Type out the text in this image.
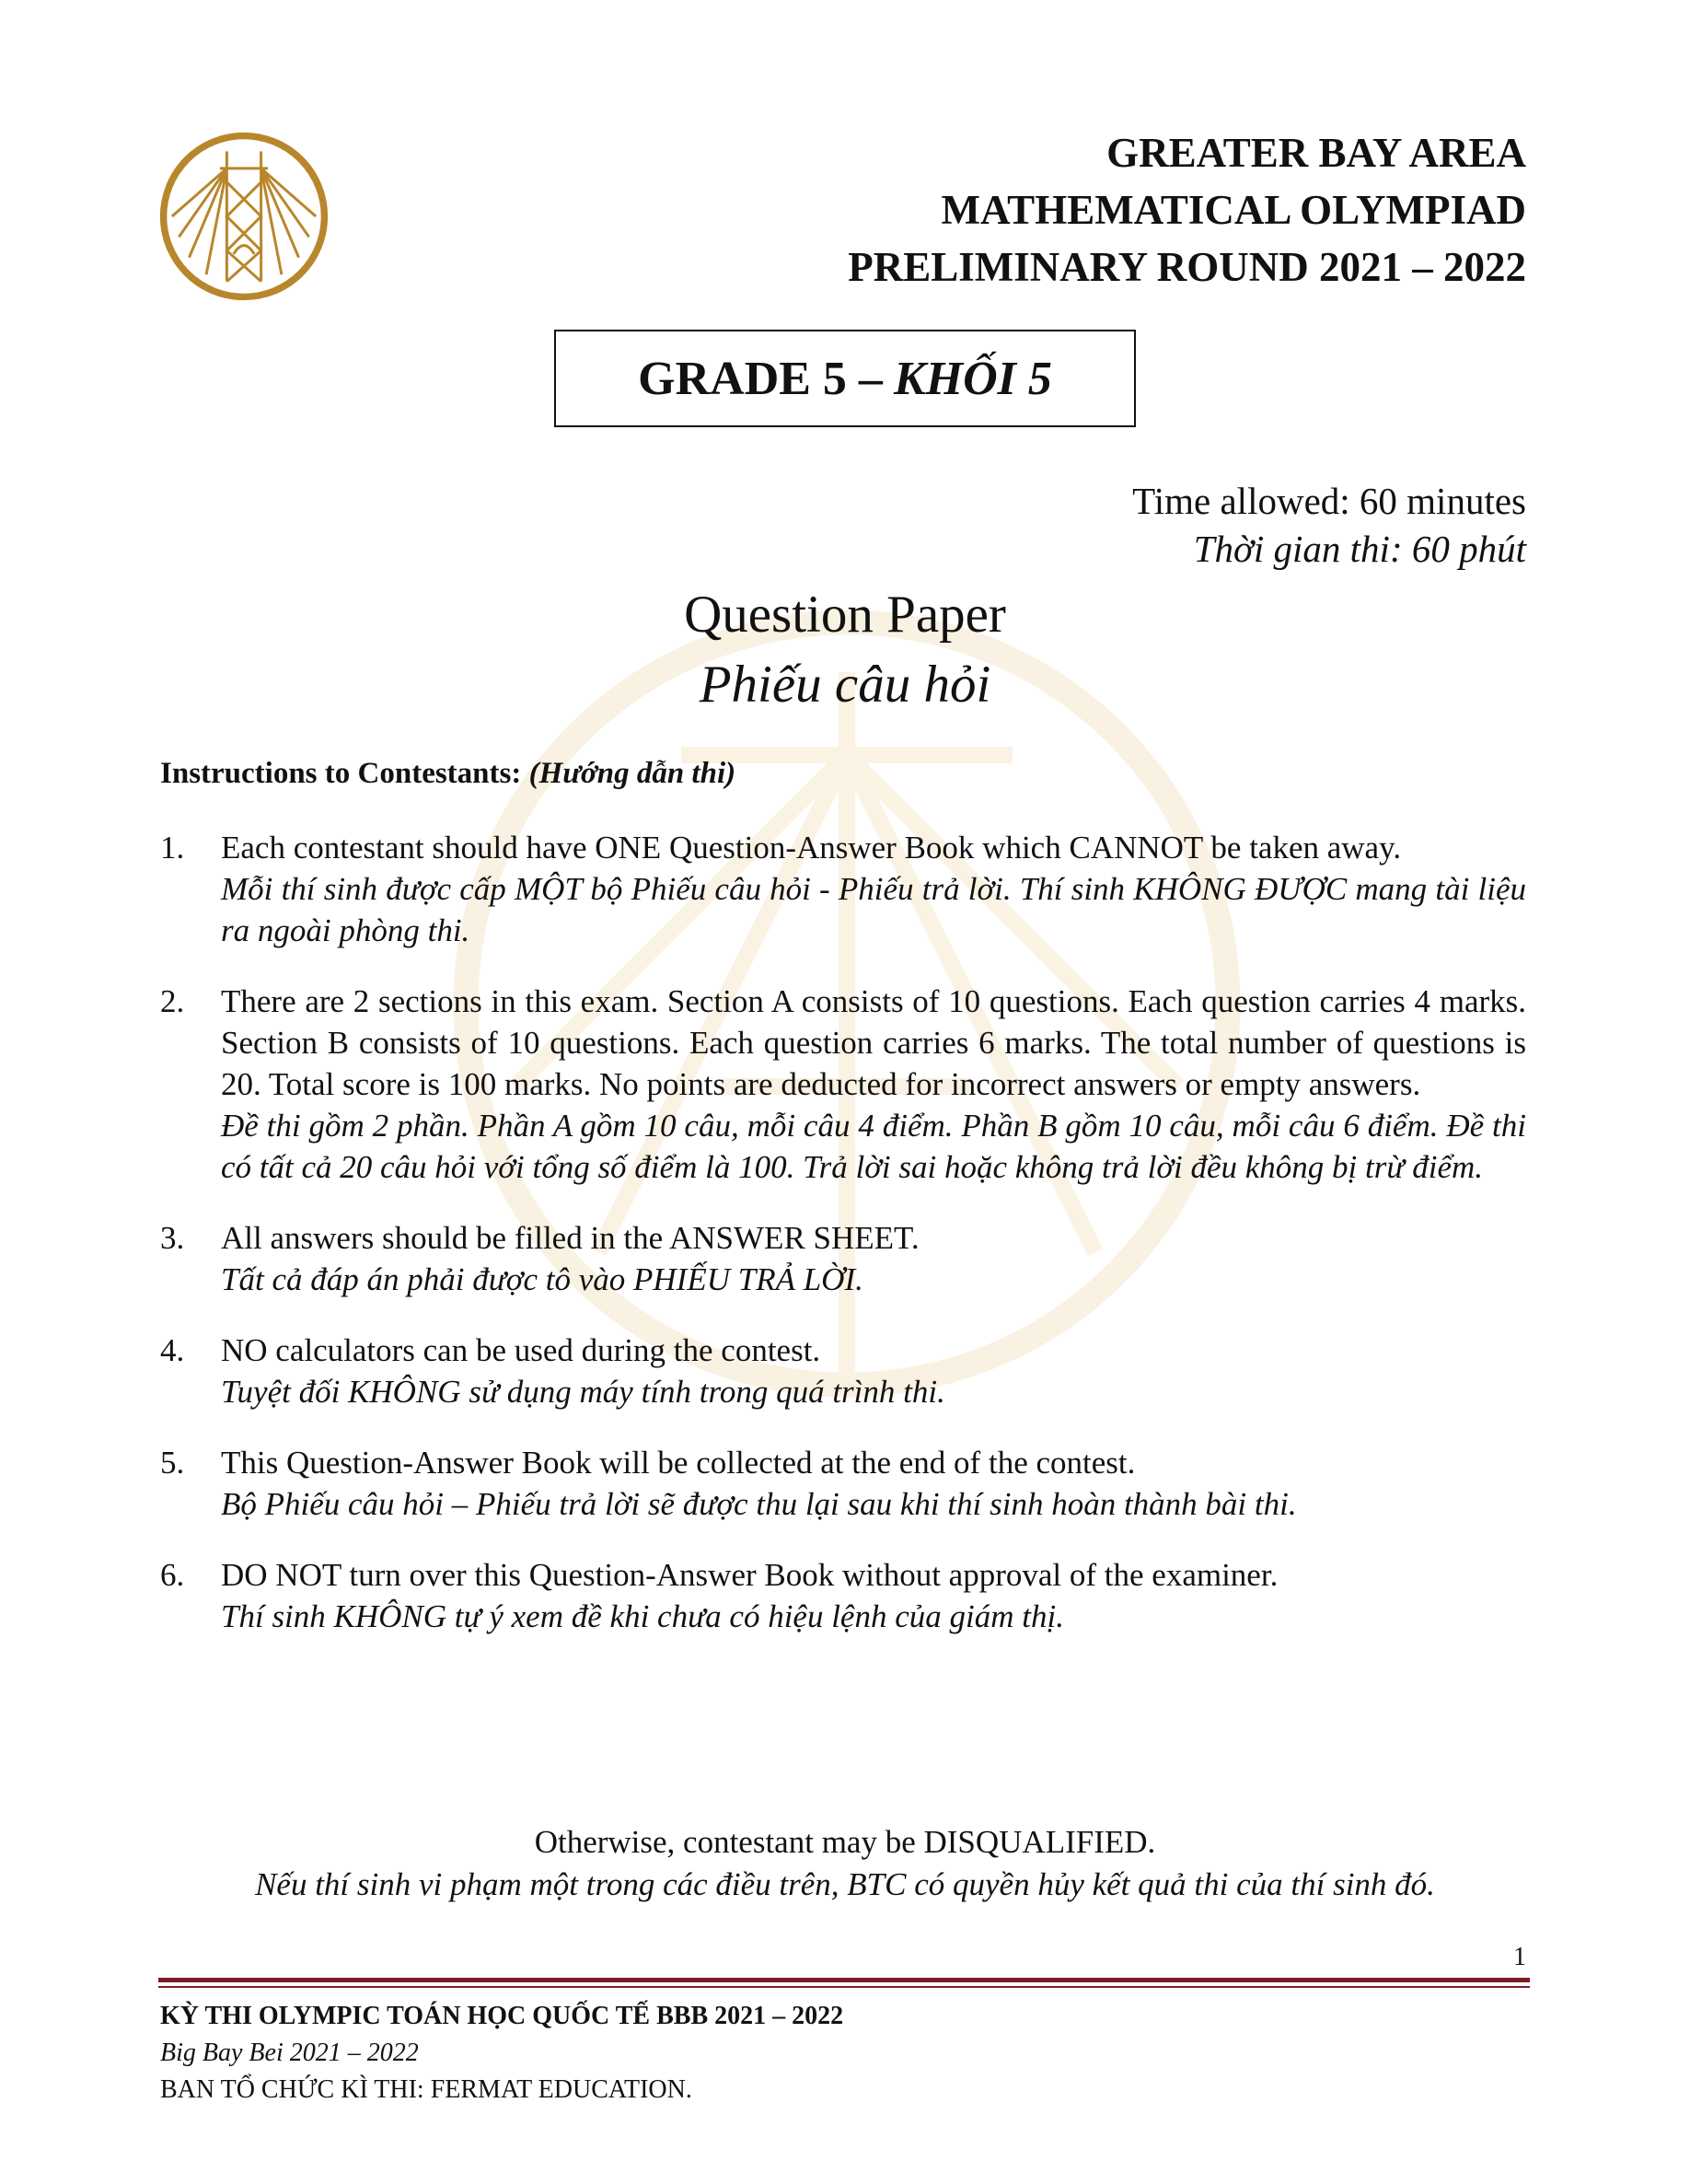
GREATER BAY AREA
MATHEMATICAL OLYMPIAD
PRELIMINARY ROUND 2021 – 2022
GRADE 5 – KHỐI 5
Time allowed: 60 minutes
Thời gian thi: 60 phút
Question Paper
Phiếu câu hỏi
Instructions to Contestants: (Hướng dẫn thi)
1.	Each contestant should have ONE Question-Answer Book which CANNOT be taken away.
Mỗi thí sinh được cấp MỘT bộ Phiếu câu hỏi - Phiếu trả lời. Thí sinh KHÔNG ĐƯỢC mang tài liệu ra ngoài phòng thi.
2.	There are 2 sections in this exam. Section A consists of 10 questions. Each question carries 4 marks. Section B consists of 10 questions. Each question carries 6 marks. The total number of questions is 20. Total score is 100 marks. No points are deducted for incorrect answers or empty answers.
Đề thi gồm 2 phần. Phần A gồm 10 câu, mỗi câu 4 điểm. Phần B gồm 10 câu, mỗi câu 6 điểm. Đề thi có tất cả 20 câu hỏi với tổng số điểm là 100. Trả lời sai hoặc không trả lời đều không bị trừ điểm.
3.	All answers should be filled in the ANSWER SHEET.
Tất cả đáp án phải được tô vào PHIẾU TRẢ LỜI.
4.	NO calculators can be used during the contest.
Tuyệt đối KHÔNG sử dụng máy tính trong quá trình thi.
5.	This Question-Answer Book will be collected at the end of the contest.
Bộ Phiếu câu hỏi – Phiếu trả lời sẽ được thu lại sau khi thí sinh hoàn thành bài thi.
6.	DO NOT turn over this Question-Answer Book without approval of the examiner.
Thí sinh KHÔNG tự ý xem đề khi chưa có hiệu lệnh của giám thị.
Otherwise, contestant may be DISQUALIFIED.
Nếu thí sinh vi phạm một trong các điều trên, BTC có quyền hủy kết quả thi của thí sinh đó.
1
KỲ THI OLYMPIC TOÁN HỌC QUỐC TẾ BBB 2021 – 2022
Big Bay Bei 2021 – 2022
BAN TỔ CHỨC KÌ THI: FERMAT EDUCATION.
